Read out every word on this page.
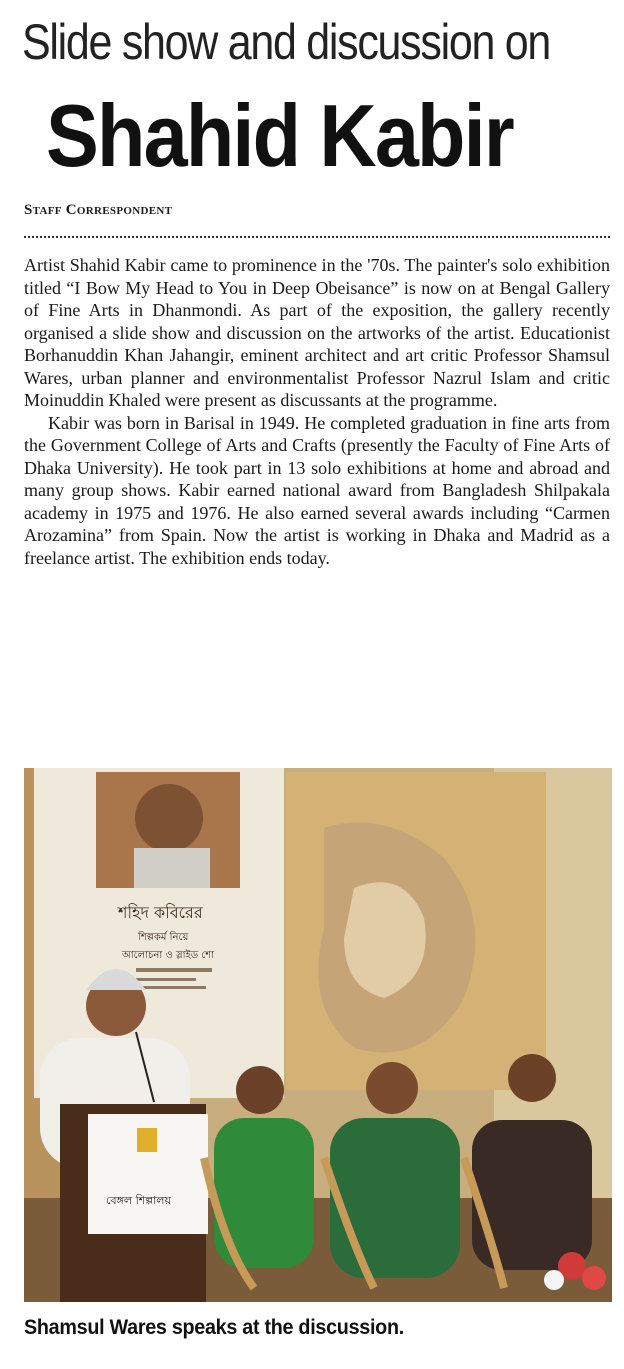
Slide show and discussion on
Shahid Kabir
Staff Correspondent

Artist Shahid Kabir came to prominence in the '70s. The painter's solo exhibition titled “I Bow My Head to You in Deep Obeisance” is now on at Bengal Gallery of Fine Arts in Dhanmondi. As part of the exposition, the gallery recently organised a slide show and discussion on the artworks of the artist. Educationist Borhanuddin Khan Jahangir, eminent architect and art critic Professor Shamsul Wares, urban planner and environmentalist Professor Nazrul Islam and critic Moinuddin Khaled were present as discussants at the programme.

Kabir was born in Barisal in 1949. He completed graduation in fine arts from the Government College of Arts and Crafts (presently the Faculty of Fine Arts of Dhaka University). He took part in 13 solo exhibitions at home and abroad and many group shows. Kabir earned national award from Bangladesh Shilpakala academy in 1975 and 1976. He also earned several awards including “Carmen Arozamina” from Spain. Now the artist is working in Dhaka and Madrid as a freelance artist. The exhibition ends today.

শহিদ কবিরের
শিল্পকর্ম নিয়ে
আলোচনা ও স্লাইড শো
বেঙ্গল শিল্পালয়
Shamsul Wares speaks at the discussion.
